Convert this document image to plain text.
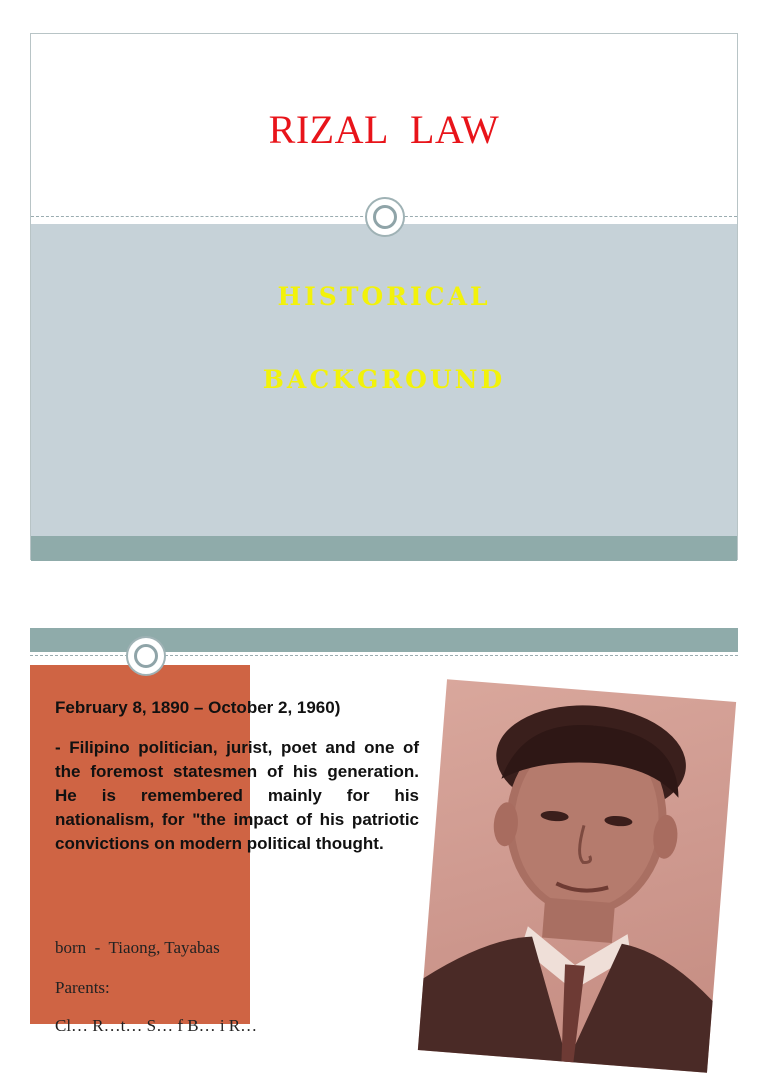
RIZAL LAW
HISTORICAL
BACKGROUND
February 8, 1890 – October 2, 1960)
- Filipino politician, jurist, poet and one of the foremost statesmen of his generation. He is remembered mainly for his nationalism, for "the impact of his patriotic convictions on modern political thought.
born  -  Tiaong, Tayabas
Parents:
Cl… R…t… S… f B… i R…
